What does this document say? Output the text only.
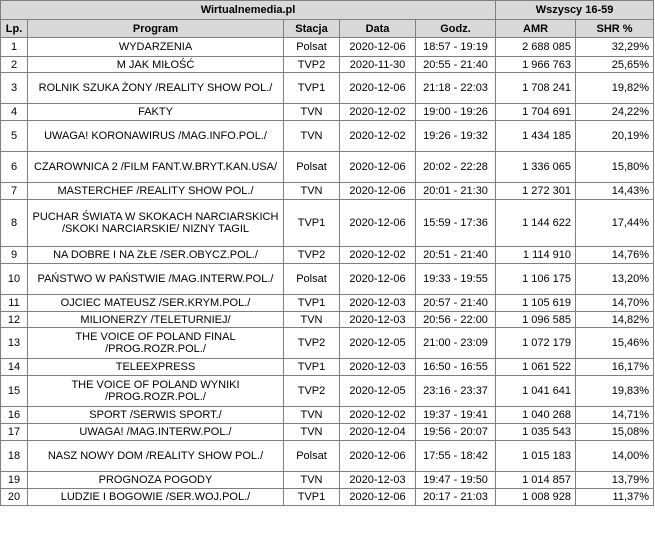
Wirtualnemedia.pl					Wszyscy 16-59	
Lp.	Program	Stacja	Data	Godz.	AMR	SHR %
1	WYDARZENIA	Polsat	2020-12-06	18:57 - 19:19	2 688 085	32,29%
2	M JAK MIŁOŚĆ	TVP2	2020-11-30	20:55 - 21:40	1 966 763	25,65%
3	ROLNIK SZUKA ŻONY /REALITY SHOW POL./	TVP1	2020-12-06	21:18 - 22:03	1 708 241	19,82%
4	FAKTY	TVN	2020-12-02	19:00 - 19:26	1 704 691	24,22%
5	UWAGA! KORONAWIRUS /MAG.INFO.POL./	TVN	2020-12-02	19:26 - 19:32	1 434 185	20,19%
6	CZAROWNICA 2 /FILM FANT.W.BRYT.KAN.USA/	Polsat	2020-12-06	20:02 - 22:28	1 336 065	15,80%
7	MASTERCHEF /REALITY SHOW POL./	TVN	2020-12-06	20:01 - 21:30	1 272 301	14,43%
8	PUCHAR ŚWIATA W SKOKACH NARCIARSKICH /SKOKI NARCIARSKIE/ NIZNY TAGIL	TVP1	2020-12-06	15:59 - 17:36	1 144 622	17,44%
9	NA DOBRE I NA ZŁE /SER.OBYCZ.POL./	TVP2	2020-12-02	20:51 - 21:40	1 114 910	14,76%
10	PAŃSTWO W PAŃSTWIE /MAG.INTERW.POL./	Polsat	2020-12-06	19:33 - 19:55	1 106 175	13,20%
11	OJCIEC MATEUSZ /SER.KRYM.POL./	TVP1	2020-12-03	20:57 - 21:40	1 105 619	14,70%
12	MILIONERZY /TELETURNIEJ/	TVN	2020-12-03	20:56 - 22:00	1 096 585	14,82%
13	THE VOICE OF POLAND FINAL /PROG.ROZR.POL./	TVP2	2020-12-05	21:00 - 23:09	1 072 179	15,46%
14	TELEEXPRESS	TVP1	2020-12-03	16:50 - 16:55	1 061 522	16,17%
15	THE VOICE OF POLAND WYNIKI /PROG.ROZR.POL./	TVP2	2020-12-05	23:16 - 23:37	1 041 641	19,83%
16	SPORT /SERWIS SPORT./	TVN	2020-12-02	19:37 - 19:41	1 040 268	14,71%
17	UWAGA! /MAG.INTERW.POL./	TVN	2020-12-04	19:56 - 20:07	1 035 543	15,08%
18	NASZ NOWY DOM /REALITY SHOW POL./	Polsat	2020-12-06	17:55 - 18:42	1 015 183	14,00%
19	PROGNOZA POGODY	TVN	2020-12-03	19:47 - 19:50	1 014 857	13,79%
20	LUDZIE I BOGOWIE /SER.WOJ.POL./	TVP1	2020-12-06	20:17 - 21:03	1 008 928	11,37%
